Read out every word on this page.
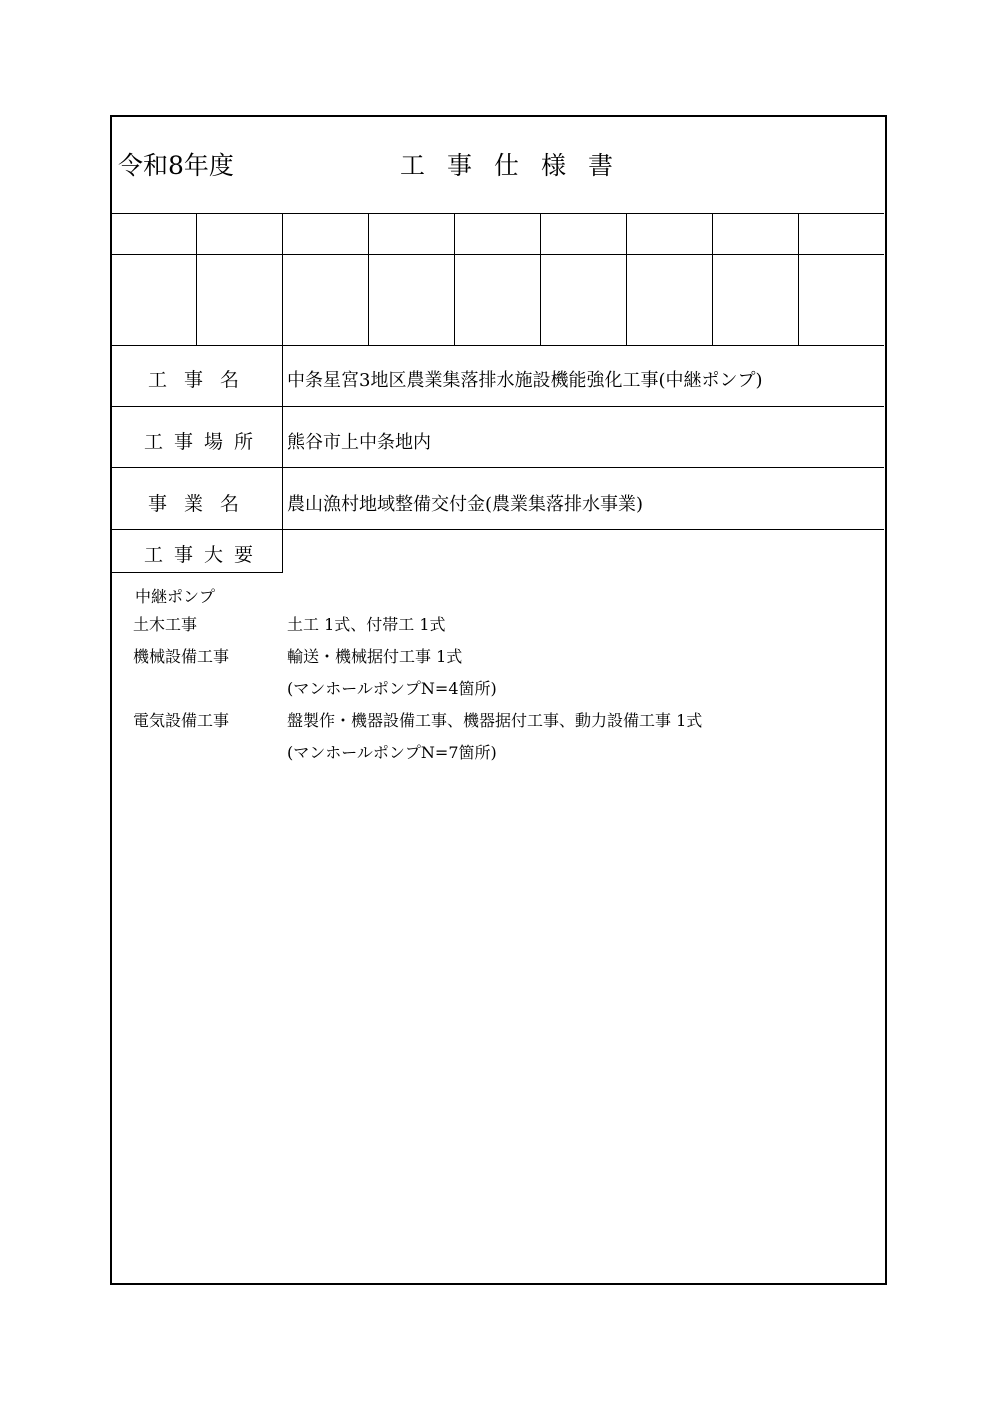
令和8年度	工事仕様書
工事名 中条星宮3地区農業集落排水施設機能強化工事(中継ポンプ)
工事場所 熊谷市上中条地内
事業名 農山漁村地域整備交付金(農業集落排水事業)
工事大要
中継ポンプ
土木工事	土工 1式、付帯工 1式
機械設備工事	輸送・機械据付工事 1式
(マンホールポンプN=4箇所)
電気設備工事	盤製作・機器設備工事、機器据付工事、動力設備工事 1式
(マンホールポンプN=7箇所)
